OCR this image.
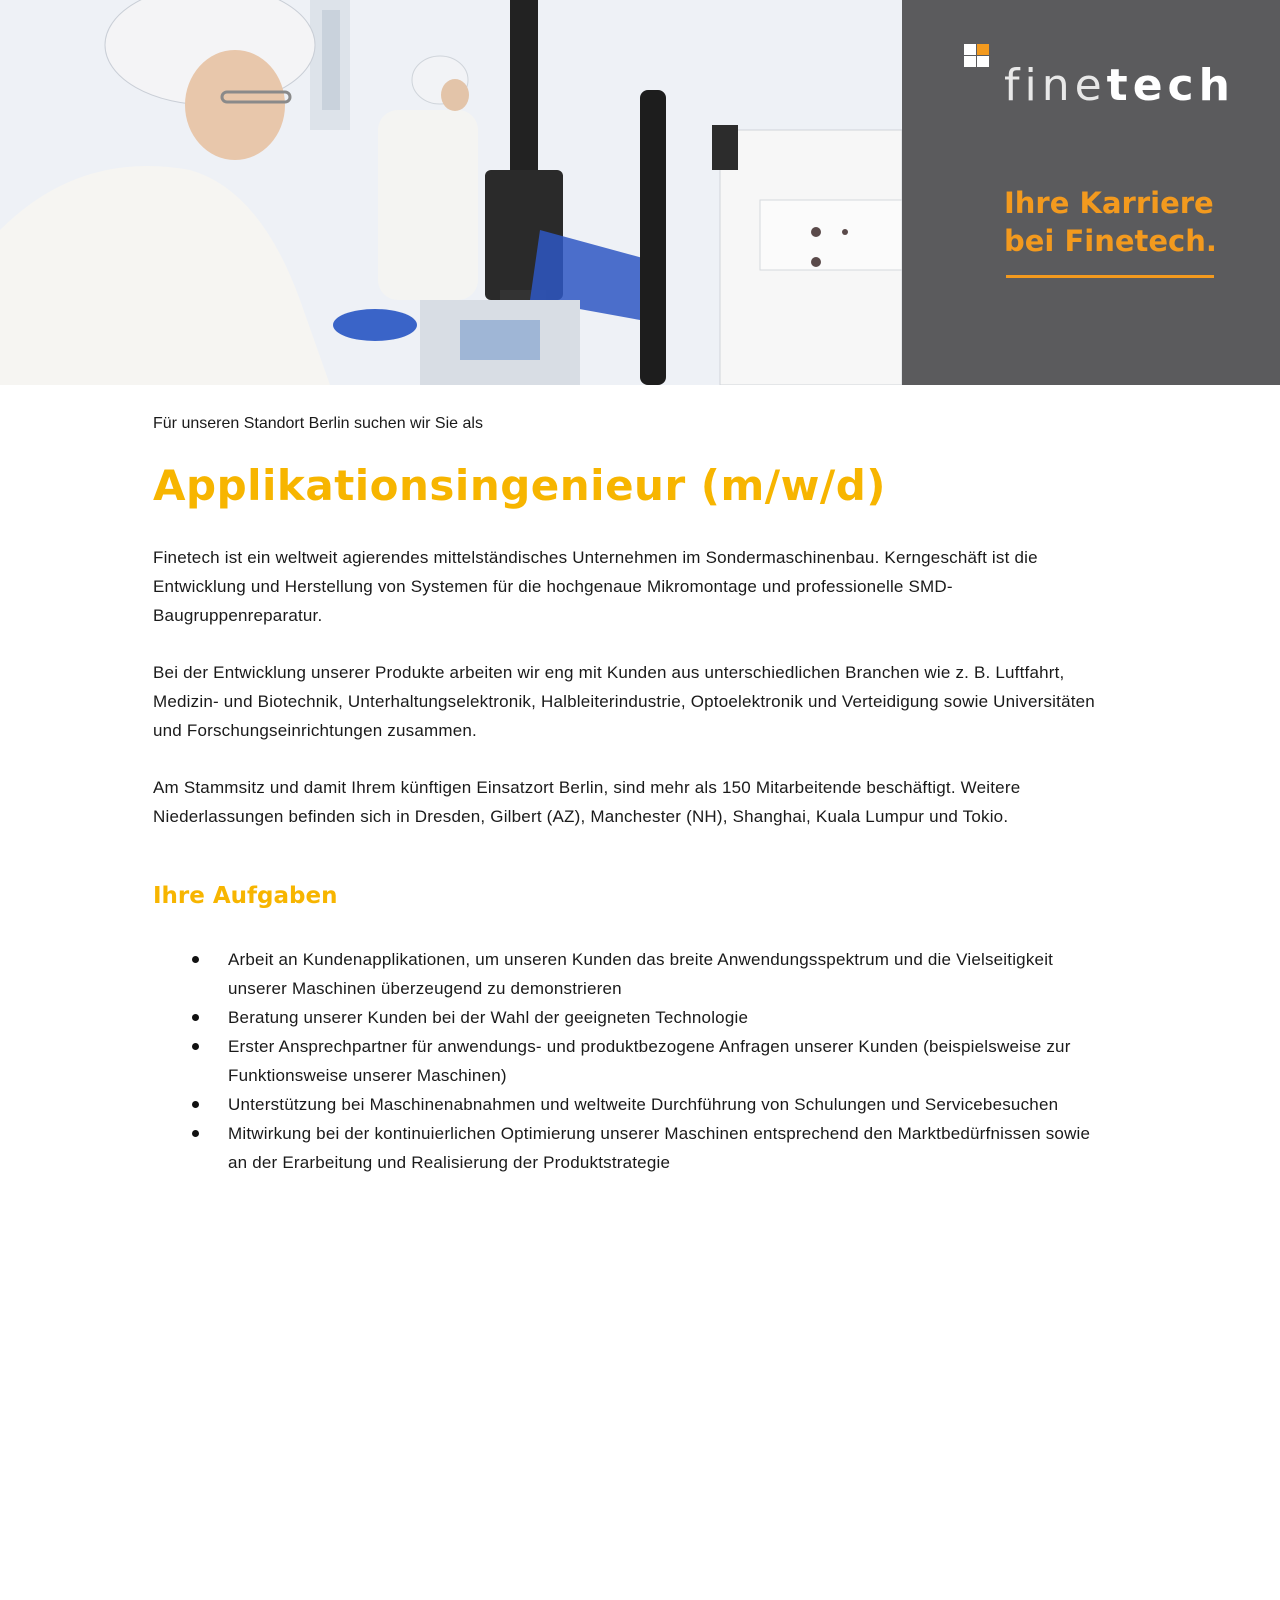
finetech
Ihre Karriere
bei Finetech.

Für unseren Standort Berlin suchen wir Sie als

Applikationsingenieur (m/w/d)

Finetech ist ein weltweit agierendes mittelständisches Unternehmen im Sondermaschinenbau. Kerngeschäft ist die Entwicklung und Herstellung von Systemen für die hochgenaue Mikromontage und professionelle SMD-Baugruppenreparatur.

Bei der Entwicklung unserer Produkte arbeiten wir eng mit Kunden aus unterschiedlichen Branchen wie z. B. Luftfahrt, Medizin- und Biotechnik, Unterhaltungselektronik, Halbleiterindustrie, Optoelektronik und Verteidigung sowie Universitäten und Forschungseinrichtungen zusammen.

Am Stammsitz und damit Ihrem künftigen Einsatzort Berlin, sind mehr als 150 Mitarbeitende beschäftigt. Weitere Niederlassungen befinden sich in Dresden, Gilbert (AZ), Manchester (NH), Shanghai, Kuala Lumpur und Tokio.

Ihre Aufgaben
Arbeit an Kundenapplikationen, um unseren Kunden das breite Anwendungsspektrum und die Vielseitigkeit unserer Maschinen überzeugend zu demonstrieren
Beratung unserer Kunden bei der Wahl der geeigneten Technologie
Erster Ansprechpartner für anwendungs- und produktbezogene Anfragen unserer Kunden (beispielsweise zur Funktionsweise unserer Maschinen)
Unterstützung bei Maschinenabnahmen und weltweite Durchführung von Schulungen und Servicebesuchen
Mitwirkung bei der kontinuierlichen Optimierung unserer Maschinen entsprechend den Marktbedürfnissen sowie an der Erarbeitung und Realisierung der Produktstrategie
